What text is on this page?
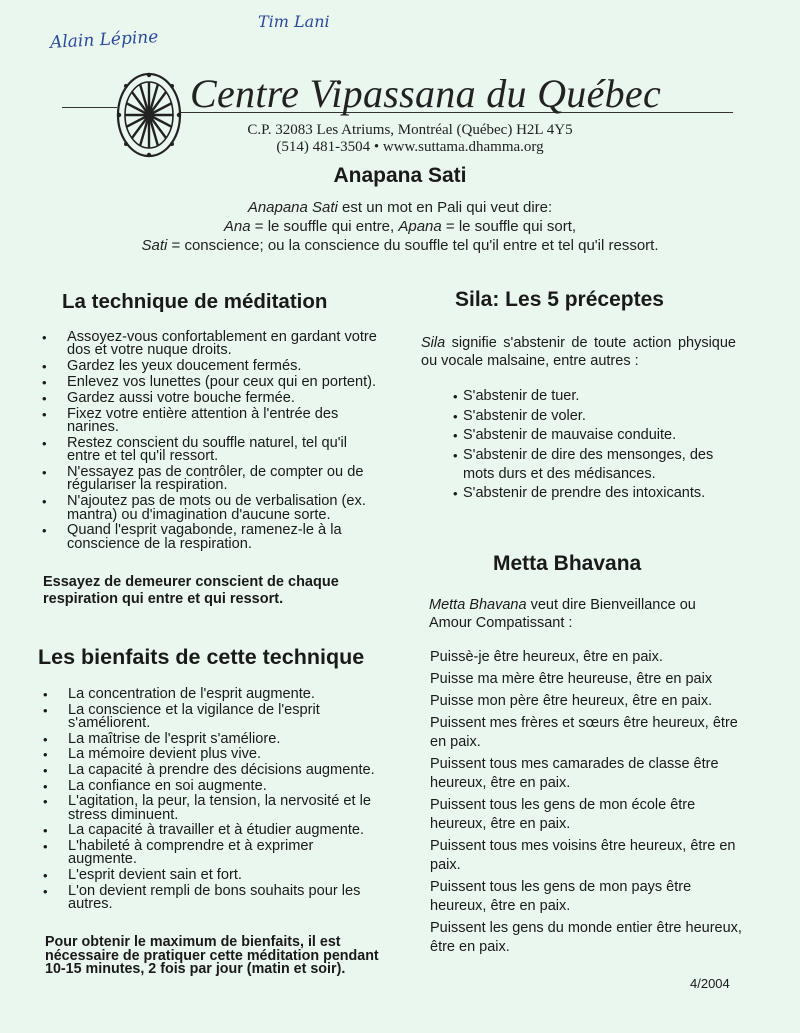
Alain Lépine
Tim Lani
Centre Vipassana du Québec
C.P. 32083 Les Atriums, Montréal (Québec) H2L 4Y5
(514) 481-3504 • www.suttama.dhamma.org
Anapana Sati
Anapana Sati est un mot en Pali qui veut dire:
Ana = le souffle qui entre, Apana = le souffle qui sort,
Sati = conscience; ou la conscience du souffle tel qu'il entre et tel qu'il ressort.
La technique de méditation
• Assoyez-vous confortablement en gardant votre dos et votre nuque droits.
• Gardez les yeux doucement fermés.
• Enlevez vos lunettes (pour ceux qui en portent).
• Gardez aussi votre bouche fermée.
• Fixez votre entière attention à l'entrée des narines.
• Restez conscient du souffle naturel, tel qu'il entre et tel qu'il ressort.
• N'essayez pas de contrôler, de compter ou de régulariser la respiration.
• N'ajoutez pas de mots ou de verbalisation (ex. mantra) ou d'imagination d'aucune sorte.
• Quand l'esprit vagabonde, ramenez-le à la conscience de la respiration.
Essayez de demeurer conscient de chaque respiration qui entre et qui ressort.
Les bienfaits de cette technique
• La concentration de l'esprit augmente.
• La conscience et la vigilance de l'esprit s'améliorent.
• La maîtrise de l'esprit s'améliore.
• La mémoire devient plus vive.
• La capacité à prendre des décisions augmente.
• La confiance en soi augmente.
• L'agitation, la peur, la tension, la nervosité et le stress diminuent.
• La capacité à travailler et à étudier augmente.
• L'habileté à comprendre et à exprimer augmente.
• L'esprit devient sain et fort.
• L'on devient rempli de bons souhaits pour les autres.
Pour obtenir le maximum de bienfaits, il est nécessaire de pratiquer cette méditation pendant 10-15 minutes, 2 fois par jour (matin et soir).
Sila: Les 5 préceptes
Sila signifie s'abstenir de toute action physique ou vocale malsaine, entre autres :
• S'abstenir de tuer.
• S'abstenir de voler.
• S'abstenir de mauvaise conduite.
• S'abstenir de dire des mensonges, des mots durs et des médisances.
• S'abstenir de prendre des intoxicants.
Metta Bhavana
Metta Bhavana veut dire Bienveillance ou Amour Compatissant :

Puissè-je être heureux, être en paix.

Puisse ma mère être heureuse, être en paix

Puisse mon père être heureux, être en paix.

Puissent mes frères et sœurs être heureux, être en paix.

Puissent tous mes camarades de classe être heureux, être en paix.

Puissent tous les gens de mon école être heureux, être en paix.

Puissent tous mes voisins être heureux, être en paix.

Puissent tous les gens de mon pays être heureux, être en paix.

Puissent les gens du monde entier être heureux, être en paix.

4/2004
